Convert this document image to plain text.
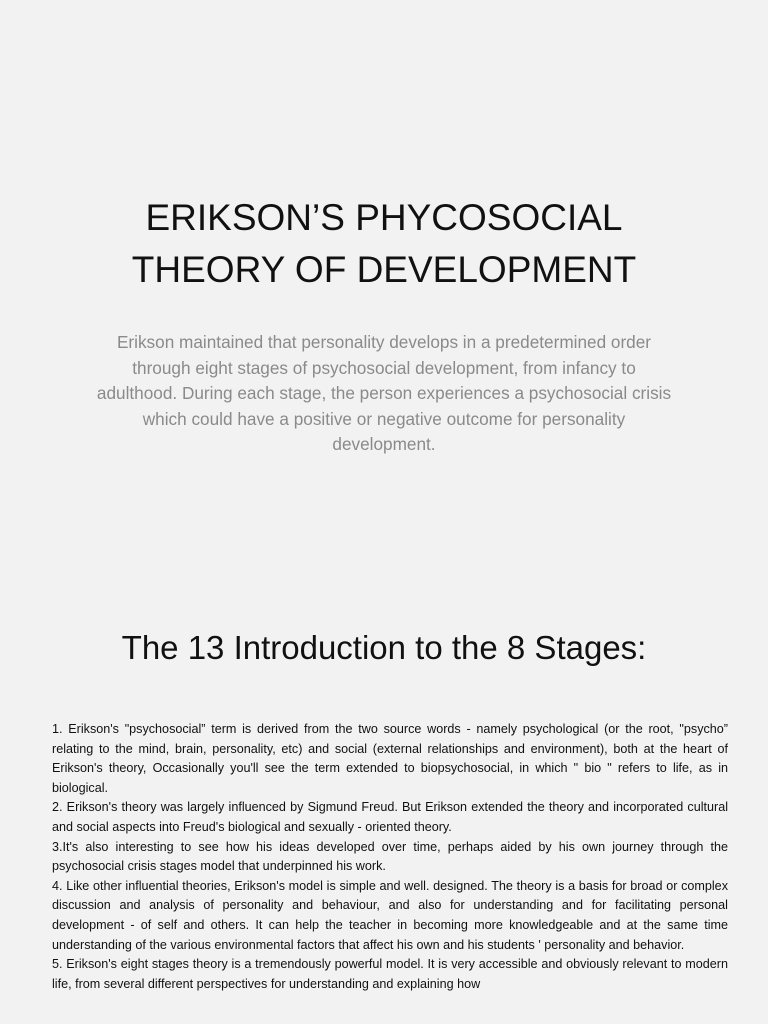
ERIKSON’S PHYCOSOCIAL
THEORY OF DEVELOPMENT
Erikson maintained that personality develops in a predetermined order through eight stages of psychosocial development, from infancy to adulthood. During each stage, the person experiences a psychosocial crisis which could have a positive or negative outcome for personality development.
The 13 Introduction to the 8 Stages:

1. Erikson's "psychosocial” term is derived from the two source words - namely psychological (or the root, "psycho” relating to the mind, brain, personality, etc) and social (external relationships and environment), both at the heart of Erikson's theory, Occasionally you'll see the term extended to biopsychosocial, in which " bio " refers to life, as in biological.

2. Erikson's theory was largely influenced by Sigmund Freud. But Erikson extended the theory and incorporated cultural and social aspects into Freud's biological and sexually - oriented theory.

3.It's also interesting to see how his ideas developed over time, perhaps aided by his own journey through the psychosocial crisis stages model that underpinned his work.

4. Like other influential theories, Erikson's model is simple and well. designed. The theory is a basis for broad or complex discussion and analysis of personality and behaviour, and also for understanding and for facilitating personal development - of self and others. It can help the teacher in becoming more knowledgeable and at the same time understanding of the various environmental factors that affect his own and his students ' personality and behavior.

5. Erikson's eight stages theory is a tremendously powerful model. It is very accessible and obviously relevant to modern life, from several different perspectives for understanding and explaining how
